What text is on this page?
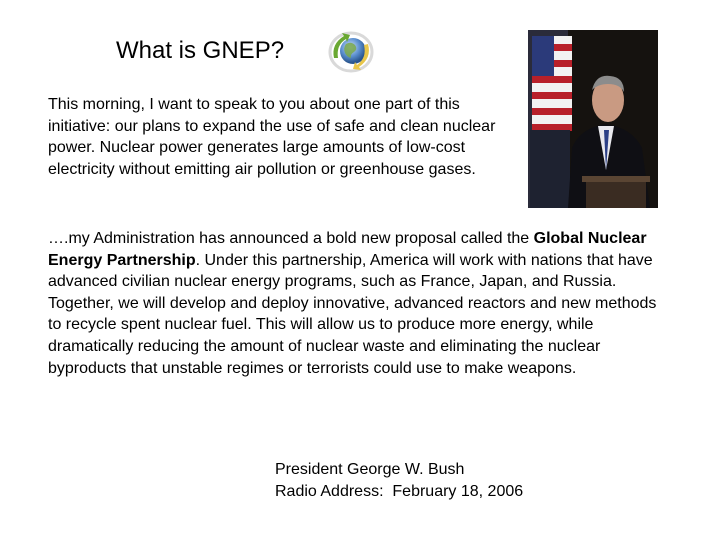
What is GNEP?
This morning, I want to speak to you about one part of this initiative: our plans to expand the use of safe and clean nuclear power. Nuclear power generates large amounts of low-cost electricity without emitting air pollution or greenhouse gases.
….my Administration has announced a bold new proposal called the Global Nuclear Energy Partnership. Under this partnership, America will work with nations that have advanced civilian nuclear energy programs, such as France, Japan, and Russia. Together, we will develop and deploy innovative, advanced reactors and new methods to recycle spent nuclear fuel. This will allow us to produce more energy, while dramatically reducing the amount of nuclear waste and eliminating the nuclear byproducts that unstable regimes or terrorists could use to make weapons.
President George W. Bush
Radio Address:  February 18, 2006
